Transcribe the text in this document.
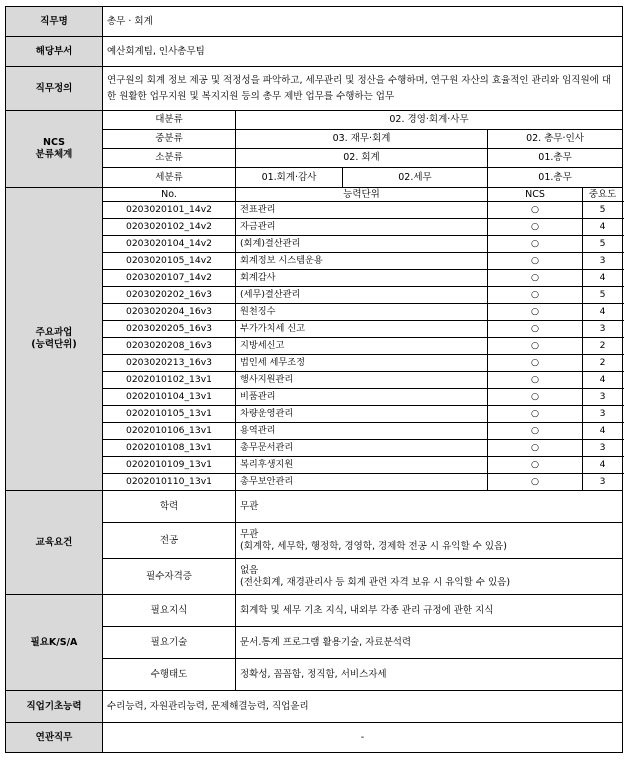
직무명	총무 · 회계				
해당부서	예산회계팀, 인사총무팀				
직무정의	연구원의 회계 정보 제공 및 적정성을 파악하고, 세무관리 및 정산을 수행하며, 연구원 자산의 효율적인 관리와 임직원에 대한 원활한 업무지원 및 복지지원 등의 총무 제반 업무를 수행하는 업무				

NCS
분류체계	대분류	02. 경영·회계·사무			
	중분류	03. 재무·회계		02. 총무·인사	
	소분류	02. 회계		01.총무	
	세분류	01.회계·감사	02.세무	01.총무	

주요과업
(능력단위)	No.	능력단위		NCS	중요도
	0203020101_14v2	전표관리		○	5
	0203020102_14v2	자금관리		○	4
	0203020104_14v2	(회계)결산관리		○	5
	0203020105_14v2	회계정보 시스템운용		○	3
	0203020107_14v2	회계감사		○	4
	0203020202_16v3	(세무)결산관리		○	5
	0203020204_16v3	원천징수		○	4
	0203020205_16v3	부가가치세 신고		○	3
	0203020208_16v3	지방세신고		○	2
	0203020213_16v3	법인세 세무조정		○	2
	0202010102_13v1	행사지원관리		○	4
	0202010104_13v1	비품관리		○	3
	0202010105_13v1	차량운영관리		○	3
	0202010106_13v1	용역관리		○	4
	0202010108_13v1	총무문서관리		○	3
	0202010109_13v1	복리후생지원		○	4
	0202010110_13v1	총무보안관리		○	3
교육요건	학력	무관			
	전공	무관
(회계학, 세무학, 행정학, 경영학, 경제학 전공 시 유익할 수 있음)			

	필수자격증	없음
(전산회계, 재경관리사 등 회계 관련 자격 보유 시 유익할 수 있음)			

필요K/S/A	필요지식	회계학 및 세무 기초 지식, 내외부 각종 관리 규정에 관한 지식			
	필요기술	문서.통계 프로그램 활용기술, 자료분석력			
	수행태도	정확성, 꼼꼼함, 정직함, 서비스자세			
직업기초능력	수리능력, 자원관리능력, 문제해결능력, 직업윤리				
연관직무	-				
